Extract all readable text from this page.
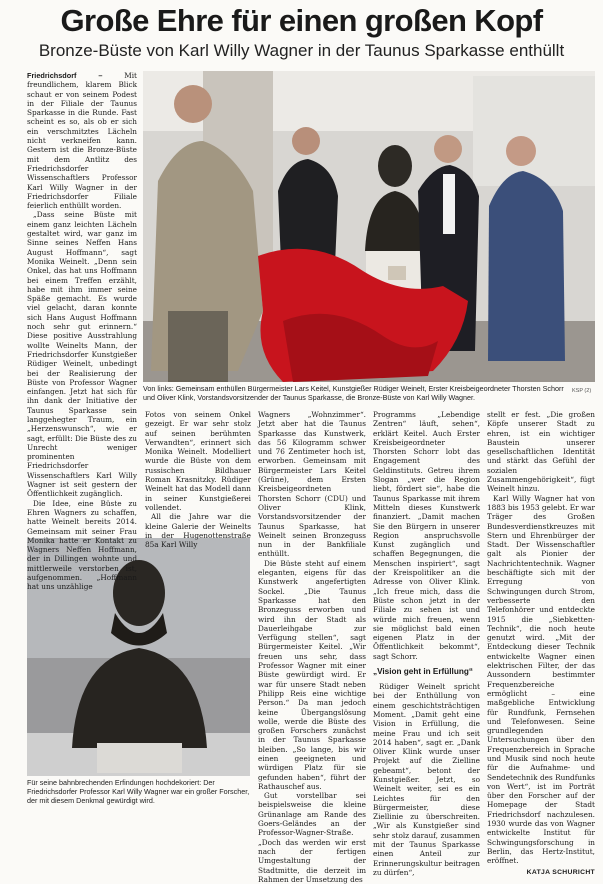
Große Ehre für einen großen Kopf
Bronze-Büste von Karl Willy Wagner in der Taunus Sparkasse enthüllt
KSP (2)
Von links: Gemeinsam enthüllen Bürgermeister Lars Keitel, Kunstgießer Rüdiger Weinelt, Erster Kreisbeigeordneter Thorsten Schorr und Oliver Klink, Vorstandsvorsitzender der Taunus Sparkasse, die Bronze-Büste von Karl Willy Wagner.
Für seine bahnbrechenden Erfindungen hochdekoriert: Der Friedrichsdorfer Professor Karl Willy Wagner war ein großer Forscher, der mit diesem Denkmal gewürdigt wird.

Friedrichsdorf – Mit freundlichem, klarem Blick schaut er von seinem Podest in der Filiale der Taunus Sparkasse in die Runde. Fast scheint es so, als ob er sich ein verschmitztes Lächeln nicht verkneifen kann. Gestern ist die Bronze-Büste mit dem Antlitz des Friedrichsdorfer Wissenschaftlers Professor Karl Willy Wagner in der Friedrichsdorfer Filiale feierlich enthüllt worden.

„Dass seine Büste mit einem ganz leichten Lächeln gestaltet wird, war ganz im Sinne seines Neffen Hans August Hoffmann“, sagt Monika Weinelt. „Denn sein Onkel, das hat uns Hoffmann bei einem Treffen erzählt, habe mit ihm immer seine Späße gemacht. Es wurde viel gelacht, daran konnte sich Hans August Hoffmann noch sehr gut erinnern.“ Diese positive Ausstrahlung wollte Weinelts Mann, der Friedrichsdorfer Kunstgießer Rüdiger Weinelt, unbedingt bei der Realisierung der Büste von Professor Wagner einfangen. Jetzt hat sich für ihn dank der Initiative der Taunus Sparkasse sein langgehegter Traum, ein „Herzenswunsch“, wie er sagt, erfüllt: Die Büste des zu Unrecht weniger prominenten Friedrichsdorfer Wissenschaftlers Karl Willy Wagner ist seit gestern der Öffentlichkeit zugänglich.

Die Idee, eine Büste zu Ehren Wagners zu schaffen, hatte Weinelt bereits 2014. Gemeinsam mit seiner Frau Monika hatte er Kontakt zu Wagners Neffen Hoffmann, der in Dillingen wohnte und mittlerweile verstorben ist, aufgenommen. „Hoffmann hat uns unzählige

Fotos von seinem Onkel gezeigt. Er war sehr stolz auf seinen berühmten Verwandten“, erinnert sich Monika Weinelt. Modelliert wurde die Büste von dem russischen Bildhauer Roman Krasnitzky. Rüdiger Weinelt hat das Modell dann in seiner Kunstgießerei vollendet.

All die Jahre war die kleine Galerie der Weinelts in der Hugenottenstraße 85a Karl Willy

Wagners „Wohnzimmer“. Jetzt aber hat die Taunus Sparkasse das Kunstwerk, das 56 Kilogramm schwer und 76 Zentimeter hoch ist, erworben. Gemeinsam mit Bürgermeister Lars Keitel (Grüne), dem Ersten Kreisbeigeordneten Thorsten Schorr (CDU) und Oliver Klink, Vorstandsvorsitzender der Taunus Sparkasse, hat Weinelt seinen Bronzeguss nun in der Bankfiliale enthüllt.

Die Büste steht auf einem eleganten, eigens für das Kunstwerk angefertigten Sockel. „Die Taunus Sparkasse hat den Bronzeguss erworben und wird ihn der Stadt als Dauerleihgabe zur Verfügung stellen“, sagt Bürgermeister Keitel. „Wir freuen uns sehr, dass Professor Wagner mit einer Büste gewürdigt wird. Er war für unsere Stadt neben Philipp Reis eine wichtige Person.“ Da man jedoch keine Übergangslösung wolle, werde die Büste des großen Forschers zunächst in der Taunus Sparkasse bleiben. „So lange, bis wir einen geeigneten und würdigen Platz für sie gefunden haben“, führt der Rathauschef aus.

Gut vorstellbar sei beispielsweise die kleine Grünanlage am Rande des Goers-Geländes an der Professor-Wagner-Straße. „Doch das werden wir erst nach der fertigen Umgestaltung der Stadtmitte, die derzeit im Rahmen der Umsetzung des

Programms „Lebendige Zentren“ läuft, sehen“, erklärt Keitel. Auch Erster Kreisbeigeordneter Thorsten Schorr lobt das Engagement des Geldinstituts. Getreu ihrem Slogan „wer die Region liebt, fördert sie“, habe die Taunus Sparkasse mit ihrem Mitteln dieses Kunstwerk finanziert. „Damit machen Sie den Bürgern in unserer Region anspruchsvolle Kunst zugänglich und schaffen Begegnungen, die Menschen inspiriert“, sagt der Kreispolitiker an die Adresse von Oliver Klink. „Ich freue mich, dass die Büste schon jetzt in der Filiale zu sehen ist und würde mich freuen, wenn sie möglichst bald einen eigenen Platz in der Öffentlichkeit bekommt“, sagt Schorr.

„Vision geht in Erfüllung“

Rüdiger Weinelt spricht bei der Enthüllung von einem geschichtsträchtigen Moment. „Damit geht eine Vision in Erfüllung, die meine Frau und ich seit 2014 haben“, sagt er. „Dank Oliver Klink wurde unser Projekt auf die Zielline gebeamt“, betont der Kunstgießer. Jetzt, so Weinelt weiter, sei es ein Leichtes für den Bürgermeister, diese Ziellinie zu überschreiten. „Wir als Kunstgießer sind sehr stolz darauf, zusammen mit der Taunus Sparkasse einen Anteil zur Erinnerungskultur beitragen zu dürfen“,

stellt er fest. „Die großen Köpfe unserer Stadt zu ehren, ist ein wichtiger Baustein unserer gesellschaftlichen Identität und stärkt das Gefühl der sozialen Zusammengehörigkeit“, fügt Weinelt hinzu.

Karl Willy Wagner hat von 1883 bis 1953 gelebt. Er war Träger des Großen Bundesverdienstkreuzes mit Stern und Ehrenbürger der Stadt. Der Wissenschaftler galt als Pionier der Nachrichtentechnik. Wagner beschäftigte sich mit der Erregung von Schwingungen durch Strom, verbesserte den Telefonhörer und entdeckte 1915 die „Siebketten-Technik“, die noch heute genutzt wird. „Mit der Entdeckung dieser Technik entwickelte Wagner einen elektrischen Filter, der das Aussondern bestimmter Frequenzbereiche ermöglicht – eine maßgebliche Entwicklung für Rundfunk, Fernsehen und Telefonwesen. Seine grundlegenden Untersuchungen über den Frequenzbereich in Sprache und Musik sind noch heute für die Aufnahme- und Sendetechnik des Rundfunks von Wert“, ist im Porträt über den Forscher auf der Homepage der Stadt Friedrichsdorf nachzulesen. 1930 wurde das von Wagner entwickelte Institut für Schwingungsforschung in Berlin, das Hertz-Institut, eröffnet.

KATJA SCHURICHT
